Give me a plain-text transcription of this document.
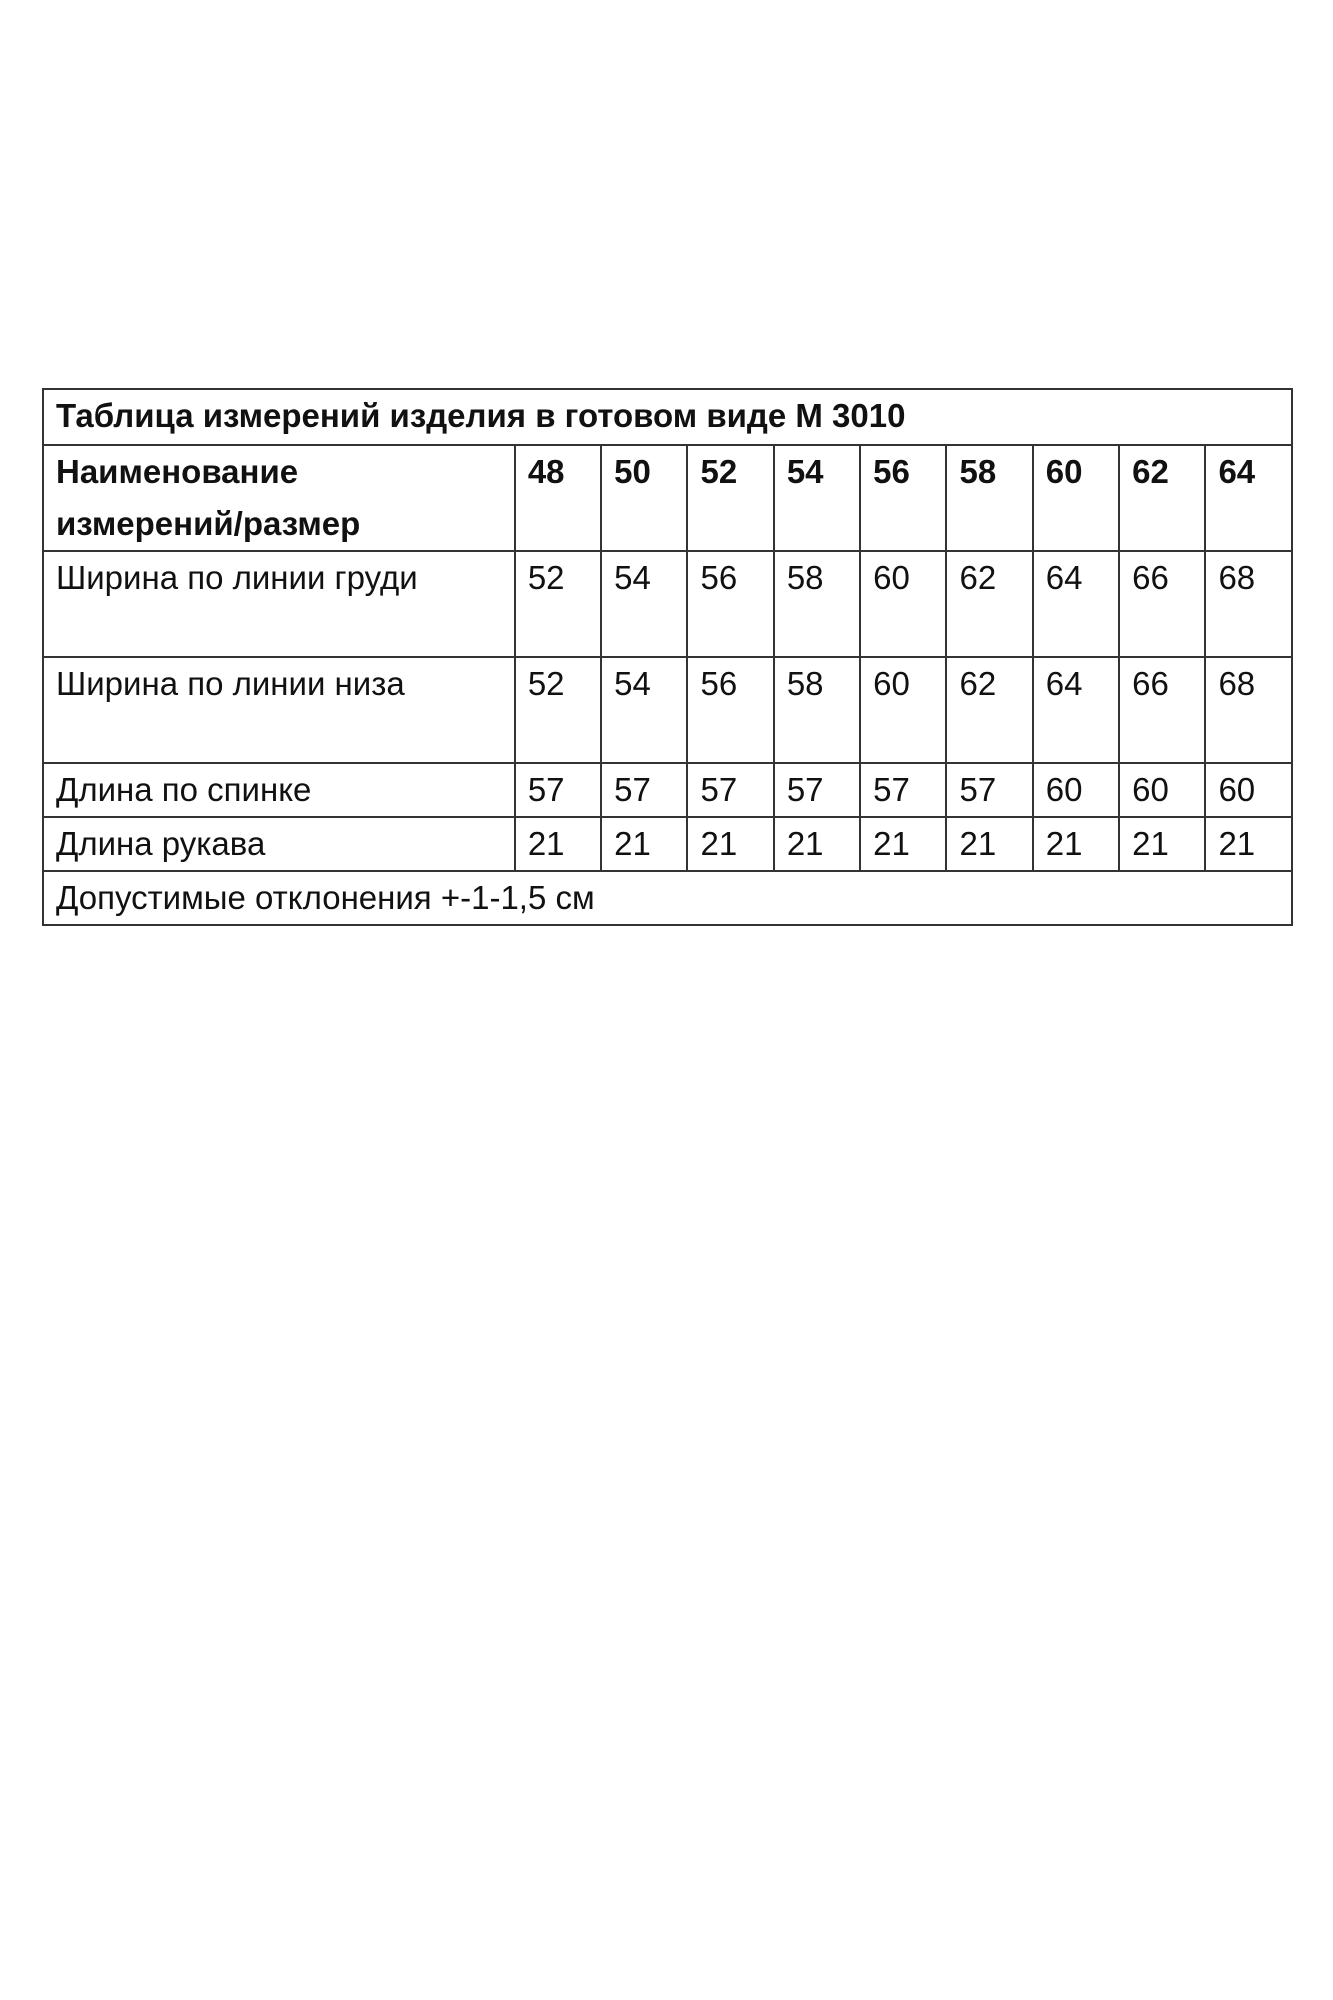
Таблица измерений изделия в готовом виде М 3010									
Наименование
измерений/размер	48	50	52	54	56	58	60	62	64
Ширина по линии груди	52	54	56	58	60	62	64	66	68
Ширина по линии низа	52	54	56	58	60	62	64	66	68
Длина по спинке	57	57	57	57	57	57	60	60	60
Длина рукава	21	21	21	21	21	21	21	21	21
Допустимые отклонения +-1-1,5 см									
